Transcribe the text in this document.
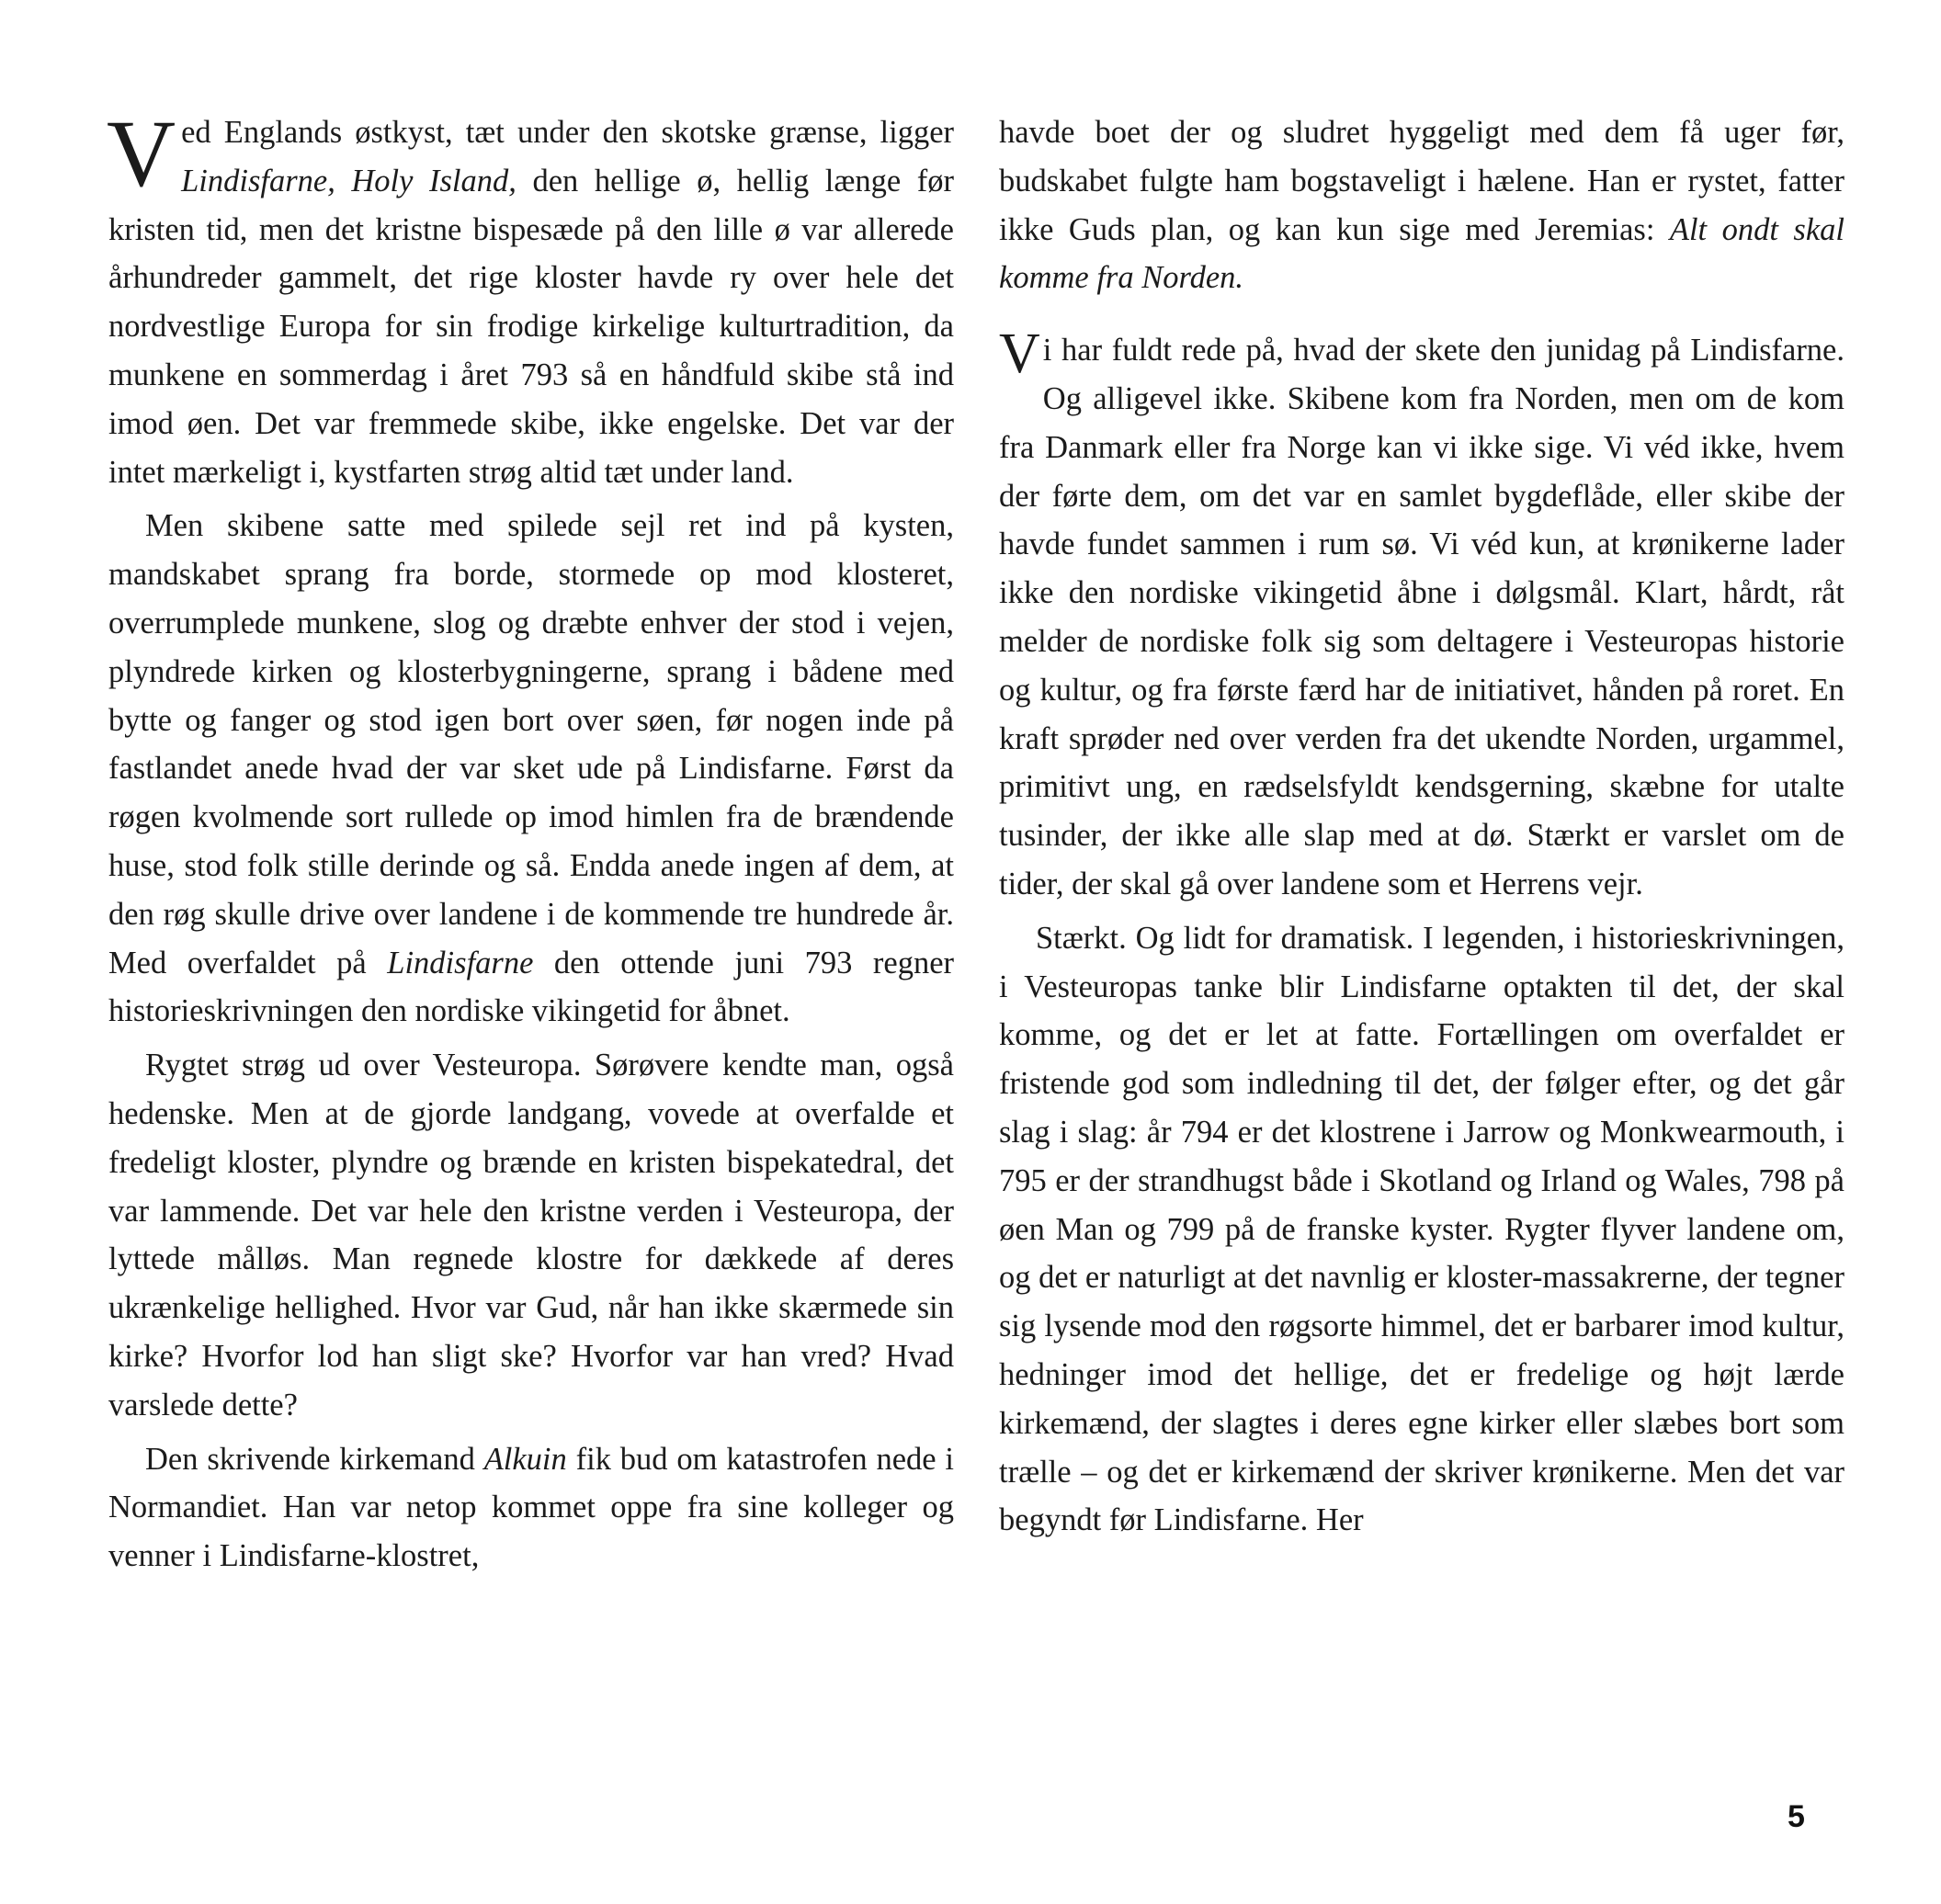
Ved Englands østkyst, tæt under den skotske grænse, ligger Lindisfarne, Holy Island, den hellige ø, hellig længe før kristen tid, men det kristne bispesæde på den lille ø var allerede århundreder gammelt, det rige kloster havde ry over hele det nordvestlige Europa for sin frodige kirkelige kulturtradition, da munkene en sommerdag i året 793 så en håndfuld skibe stå ind imod øen. Det var fremmede skibe, ikke engelske. Det var der intet mærkeligt i, kystfarten strøg altid tæt under land.

Men skibene satte med spilede sejl ret ind på kysten, mandskabet sprang fra borde, stormede op mod klosteret, overrumplede munkene, slog og dræbte enhver der stod i vejen, plyndrede kirken og klosterbygningerne, sprang i bådene med bytte og fanger og stod igen bort over søen, før nogen inde på fastlandet anede hvad der var sket ude på Lindisfarne. Først da røgen kvolmende sort rullede op imod himlen fra de brændende huse, stod folk stille derinde og så. Endda anede ingen af dem, at den røg skulle drive over landene i de kommende tre hundrede år. Med overfaldet på Lindisfarne den ottende juni 793 regner historieskrivningen den nordiske vikingetid for åbnet.

Rygtet strøg ud over Vesteuropa. Sørøvere kendte man, også hedenske. Men at de gjorde landgang, vovede at overfalde et fredeligt kloster, plyndre og brænde en kristen bispekatedral, det var lammende. Det var hele den kristne verden i Vesteuropa, der lyttede målløs. Man regnede klostre for dækkede af deres ukrænkelige hellighed. Hvor var Gud, når han ikke skærmede sin kirke? Hvorfor lod han sligt ske? Hvorfor var han vred? Hvad varslede dette?

Den skrivende kirkemand Alkuin fik bud om katastrofen nede i Normandiet. Han var netop kommet oppe fra sine kolleger og venner i Lindisfarne-klostret,

havde boet der og sludret hyggeligt med dem få uger før, budskabet fulgte ham bogstaveligt i hælene. Han er rystet, fatter ikke Guds plan, og kan kun sige med Jeremias: Alt ondt skal komme fra Norden.

Vi har fuldt rede på, hvad der skete den junidag på Lindisfarne. Og alligevel ikke. Skibene kom fra Norden, men om de kom fra Danmark eller fra Norge kan vi ikke sige. Vi véd ikke, hvem der førte dem, om det var en samlet bygdeflåde, eller skibe der havde fundet sammen i rum sø. Vi véd kun, at krønikerne lader ikke den nordiske vikingetid åbne i dølgsmål. Klart, hårdt, råt melder de nordiske folk sig som deltagere i Vesteuropas historie og kultur, og fra første færd har de initiativet, hånden på roret. En kraft sprøder ned over verden fra det ukendte Norden, urgammel, primitivt ung, en rædselsfyldt kendsgerning, skæbne for utalte tusinder, der ikke alle slap med at dø. Stærkt er varslet om de tider, der skal gå over landene som et Herrens vejr.

Stærkt. Og lidt for dramatisk. I legenden, i historieskrivningen, i Vesteuropas tanke blir Lindisfarne optakten til det, der skal komme, og det er let at fatte. Fortællingen om overfaldet er fristende god som indledning til det, der følger efter, og det går slag i slag: år 794 er det klostrene i Jarrow og Monkwearmouth, i 795 er der strandhugst både i Skotland og Irland og Wales, 798 på øen Man og 799 på de franske kyster. Rygter flyver landene om, og det er naturligt at det navnlig er kloster-massakrerne, der tegner sig lysende mod den røgsorte himmel, det er barbarer imod kultur, hedninger imod det hellige, det er fredelige og højt lærde kirkemænd, der slagtes i deres egne kirker eller slæbes bort som trælle – og det er kirkemænd der skriver krønikerne. Men det var begyndt før Lindisfarne. Her

5
